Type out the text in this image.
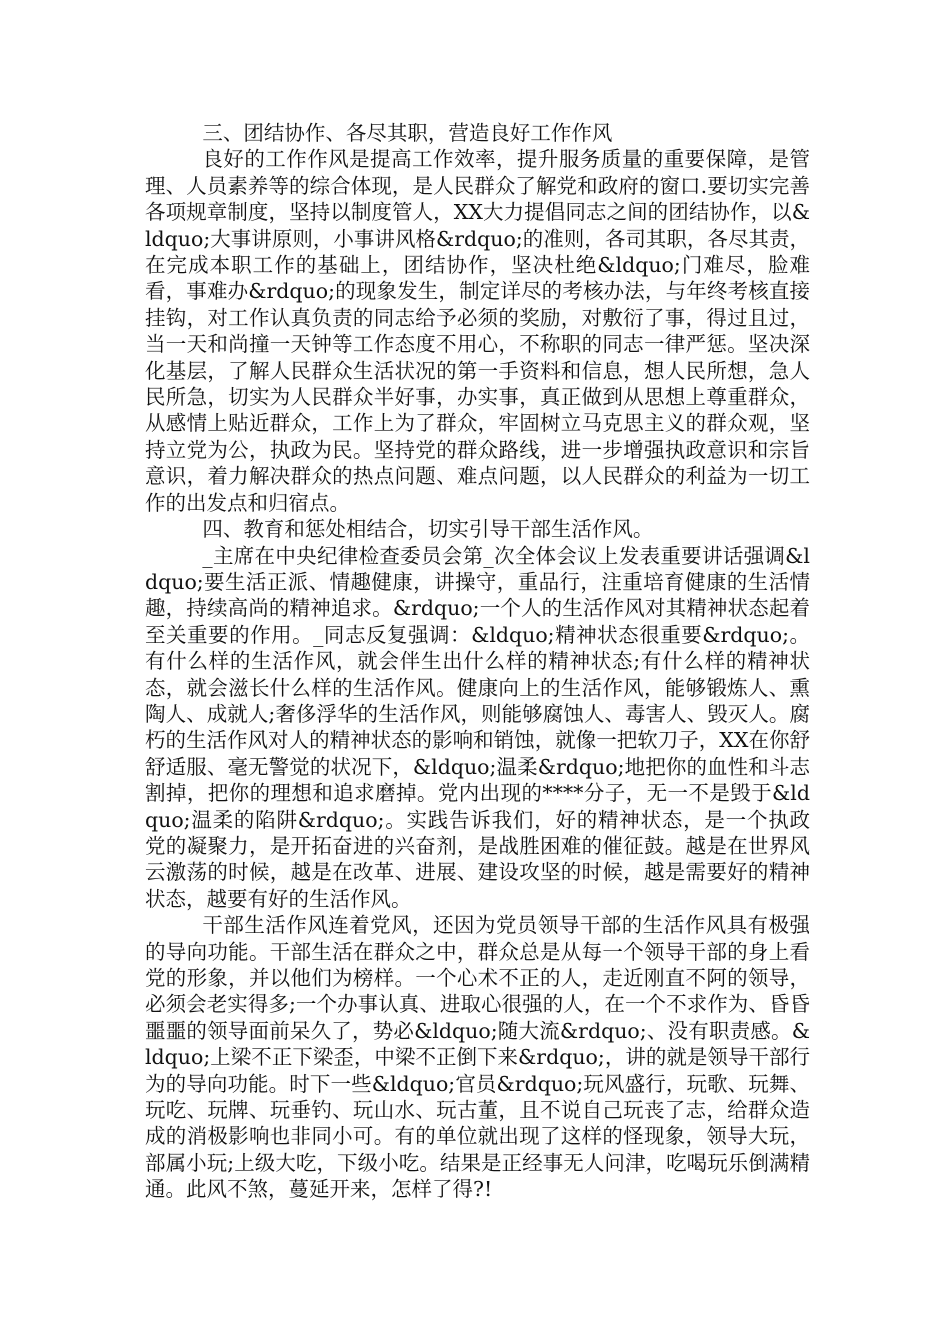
三、团结协作、各尽其职，营造良好工作作风

良好的工作作风是提高工作效率，提升服务质量的重要保障，是管理、人员素养等的综合体现，是人民群众了解党和政府的窗口.要切实完善各项规章制度，坚持以制度管人，XX大力提倡同志之间的团结协作，以&ldquo;大事讲原则，小事讲风格&rdquo;的准则，各司其职，各尽其责，在完成本职工作的基础上，团结协作，坚决杜绝&ldquo;门难尽，脸难看，事难办&rdquo;的现象发生，制定详尽的考核办法，与年终考核直接挂钩，对工作认真负责的同志给予必须的奖励，对敷衍了事，得过且过，当一天和尚撞一天钟等工作态度不用心，不称职的同志一律严惩。坚决深化基层，了解人民群众生活状况的第一手资料和信息，想人民所想，急人民所急，切实为人民群众半好事，办实事，真正做到从思想上尊重群众，从感情上贴近群众，工作上为了群众，牢固树立马克思主义的群众观，坚持立党为公，执政为民。坚持党的群众路线，进一步增强执政意识和宗旨意识，着力解决群众的热点问题、难点问题，以人民群众的利益为一切工作的出发点和归宿点。

四、教育和惩处相结合，切实引导干部生活作风。

_主席在中央纪律检查委员会第_次全体会议上发表重要讲话强调&ldquo;要生活正派、情趣健康，讲操守，重品行，注重培育健康的生活情趣，持续高尚的精神追求。&rdquo;一个人的生活作风对其精神状态起着至关重要的作用。_同志反复强调：&ldquo;精神状态很重要&rdquo;。有什么样的生活作风，就会伴生出什么样的精神状态;有什么样的精神状态，就会滋长什么样的生活作风。健康向上的生活作风，能够锻炼人、熏陶人、成就人;奢侈浮华的生活作风，则能够腐蚀人、毒害人、毁灭人。腐朽的生活作风对人的精神状态的影响和销蚀，就像一把软刀子，XX在你舒舒适服、毫无警觉的状况下，&ldquo;温柔&rdquo;地把你的血性和斗志割掉，把你的理想和追求磨掉。党内出现的****分子，无一不是毁于&ldquo;温柔的陷阱&rdquo;。实践告诉我们，好的精神状态，是一个执政党的凝聚力，是开拓奋进的兴奋剂，是战胜困难的催征鼓。越是在世界风云激荡的时候，越是在改革、进展、建设攻坚的时候，越是需要好的精神状态，越要有好的生活作风。

干部生活作风连着党风，还因为党员领导干部的生活作风具有极强的导向功能。干部生活在群众之中，群众总是从每一个领导干部的身上看党的形象，并以他们为榜样。一个心术不正的人，走近刚直不阿的领导，必须会老实得多;一个办事认真、进取心很强的人，在一个不求作为、昏昏噩噩的领导面前呆久了，势必&ldquo;随大流&rdquo;、没有职责感。&ldquo;上梁不正下梁歪，中梁不正倒下来&rdquo;，讲的就是领导干部行为的导向功能。时下一些&ldquo;官员&rdquo;玩风盛行，玩歌、玩舞、玩吃、玩牌、玩垂钓、玩山水、玩古董，且不说自己玩丧了志，给群众造成的消极影响也非同小可。有的单位就出现了这样的怪现象，领导大玩，部属小玩;上级大吃，下级小吃。结果是正经事无人问津，吃喝玩乐倒满精通。此风不煞，蔓延开来，怎样了得?!
